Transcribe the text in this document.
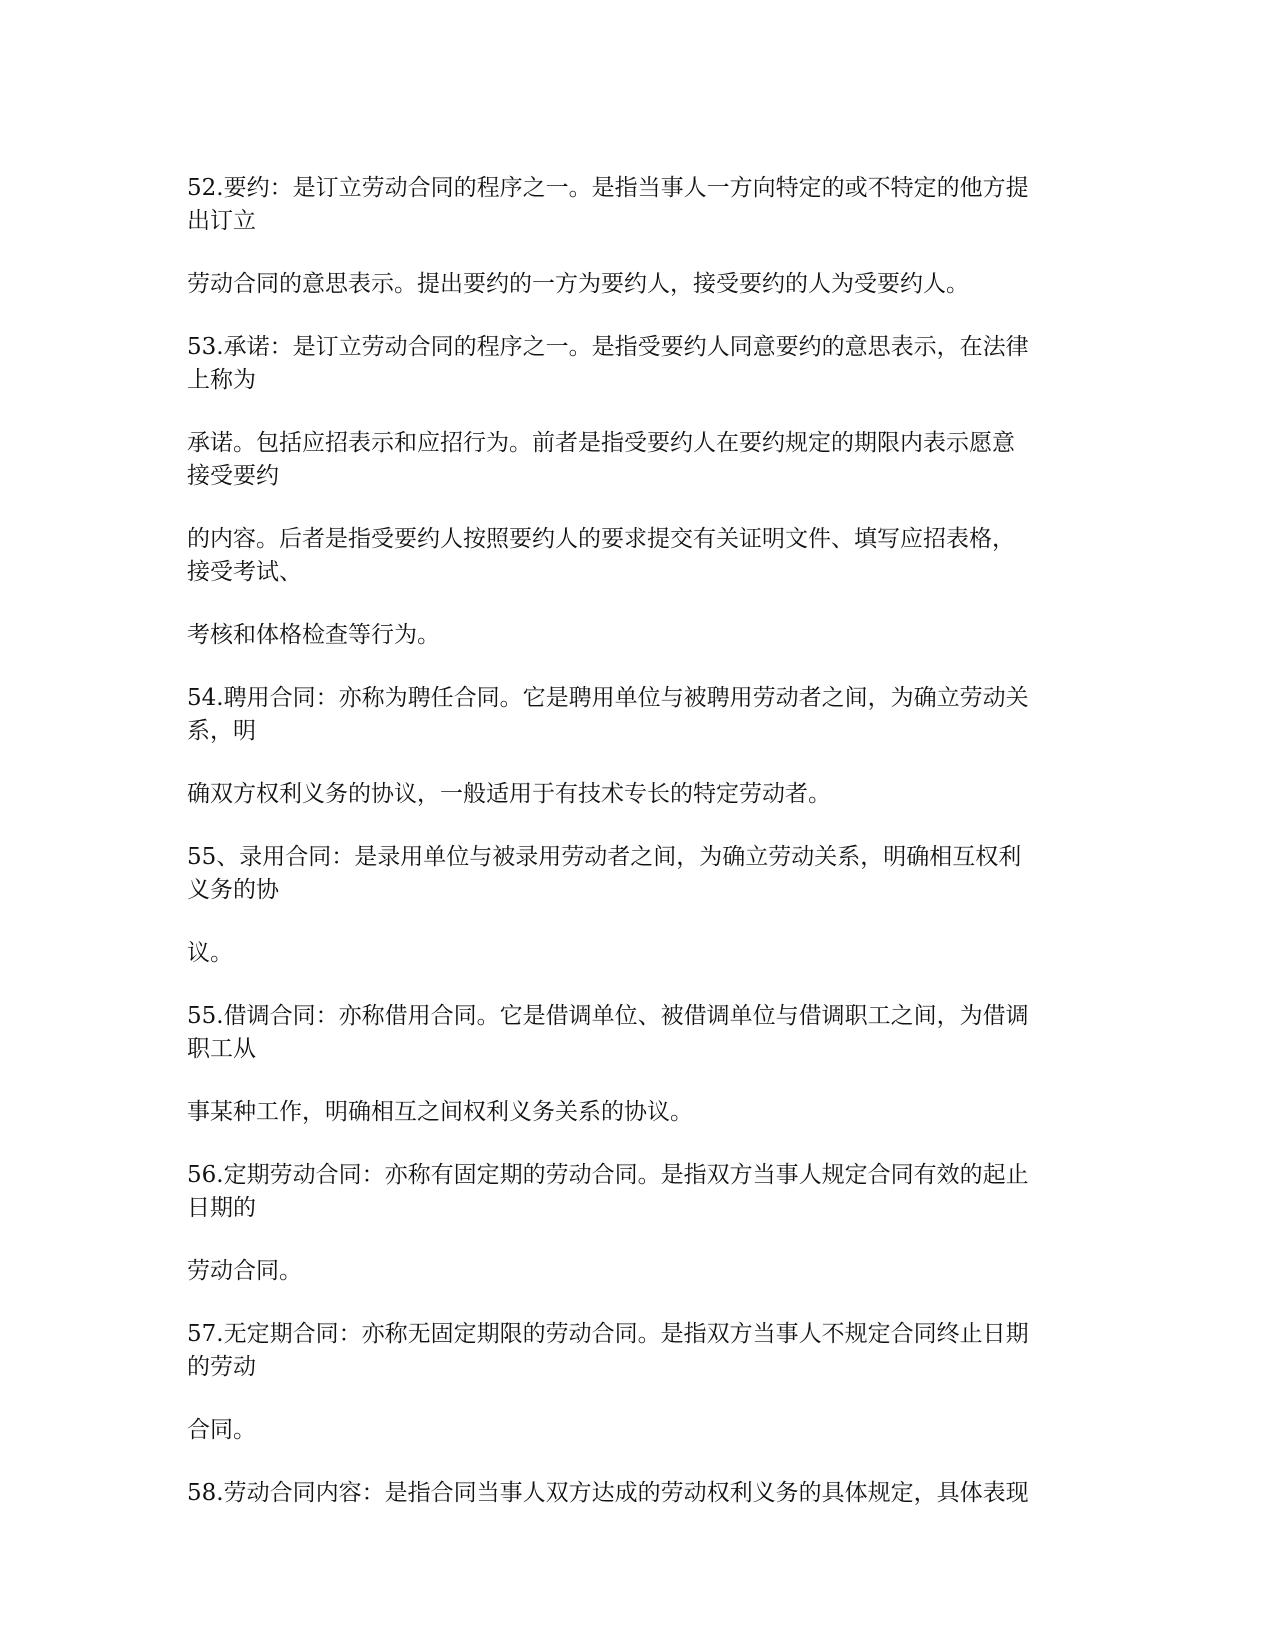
52.要约：是订立劳动合同的程序之一。是指当事人一方向特定的或不特定的他方提
出订立

劳动合同的意思表示。提出要约的一方为要约人，接受要约的人为受要约人。

53.承诺：是订立劳动合同的程序之一。是指受要约人同意要约的意思表示，在法律
上称为

承诺。包括应招表示和应招行为。前者是指受要约人在要约规定的期限内表示愿意
接受要约

的内容。后者是指受要约人按照要约人的要求提交有关证明文件、填写应招表格，
接受考试、

考核和体格检查等行为。

54.聘用合同：亦称为聘任合同。它是聘用单位与被聘用劳动者之间，为确立劳动关
系，明

确双方权利义务的协议，一般适用于有技术专长的特定劳动者。

55、录用合同：是录用单位与被录用劳动者之间，为确立劳动关系，明确相互权利
义务的协

议。

55.借调合同：亦称借用合同。它是借调单位、被借调单位与借调职工之间，为借调
职工从

事某种工作，明确相互之间权利义务关系的协议。

56.定期劳动合同：亦称有固定期的劳动合同。是指双方当事人规定合同有效的起止
日期的

劳动合同。

57.无定期合同：亦称无固定期限的劳动合同。是指双方当事人不规定合同终止日期
的劳动

合同。

58.劳动合同内容：是指合同当事人双方达成的劳动权利义务的具体规定，具体表现
